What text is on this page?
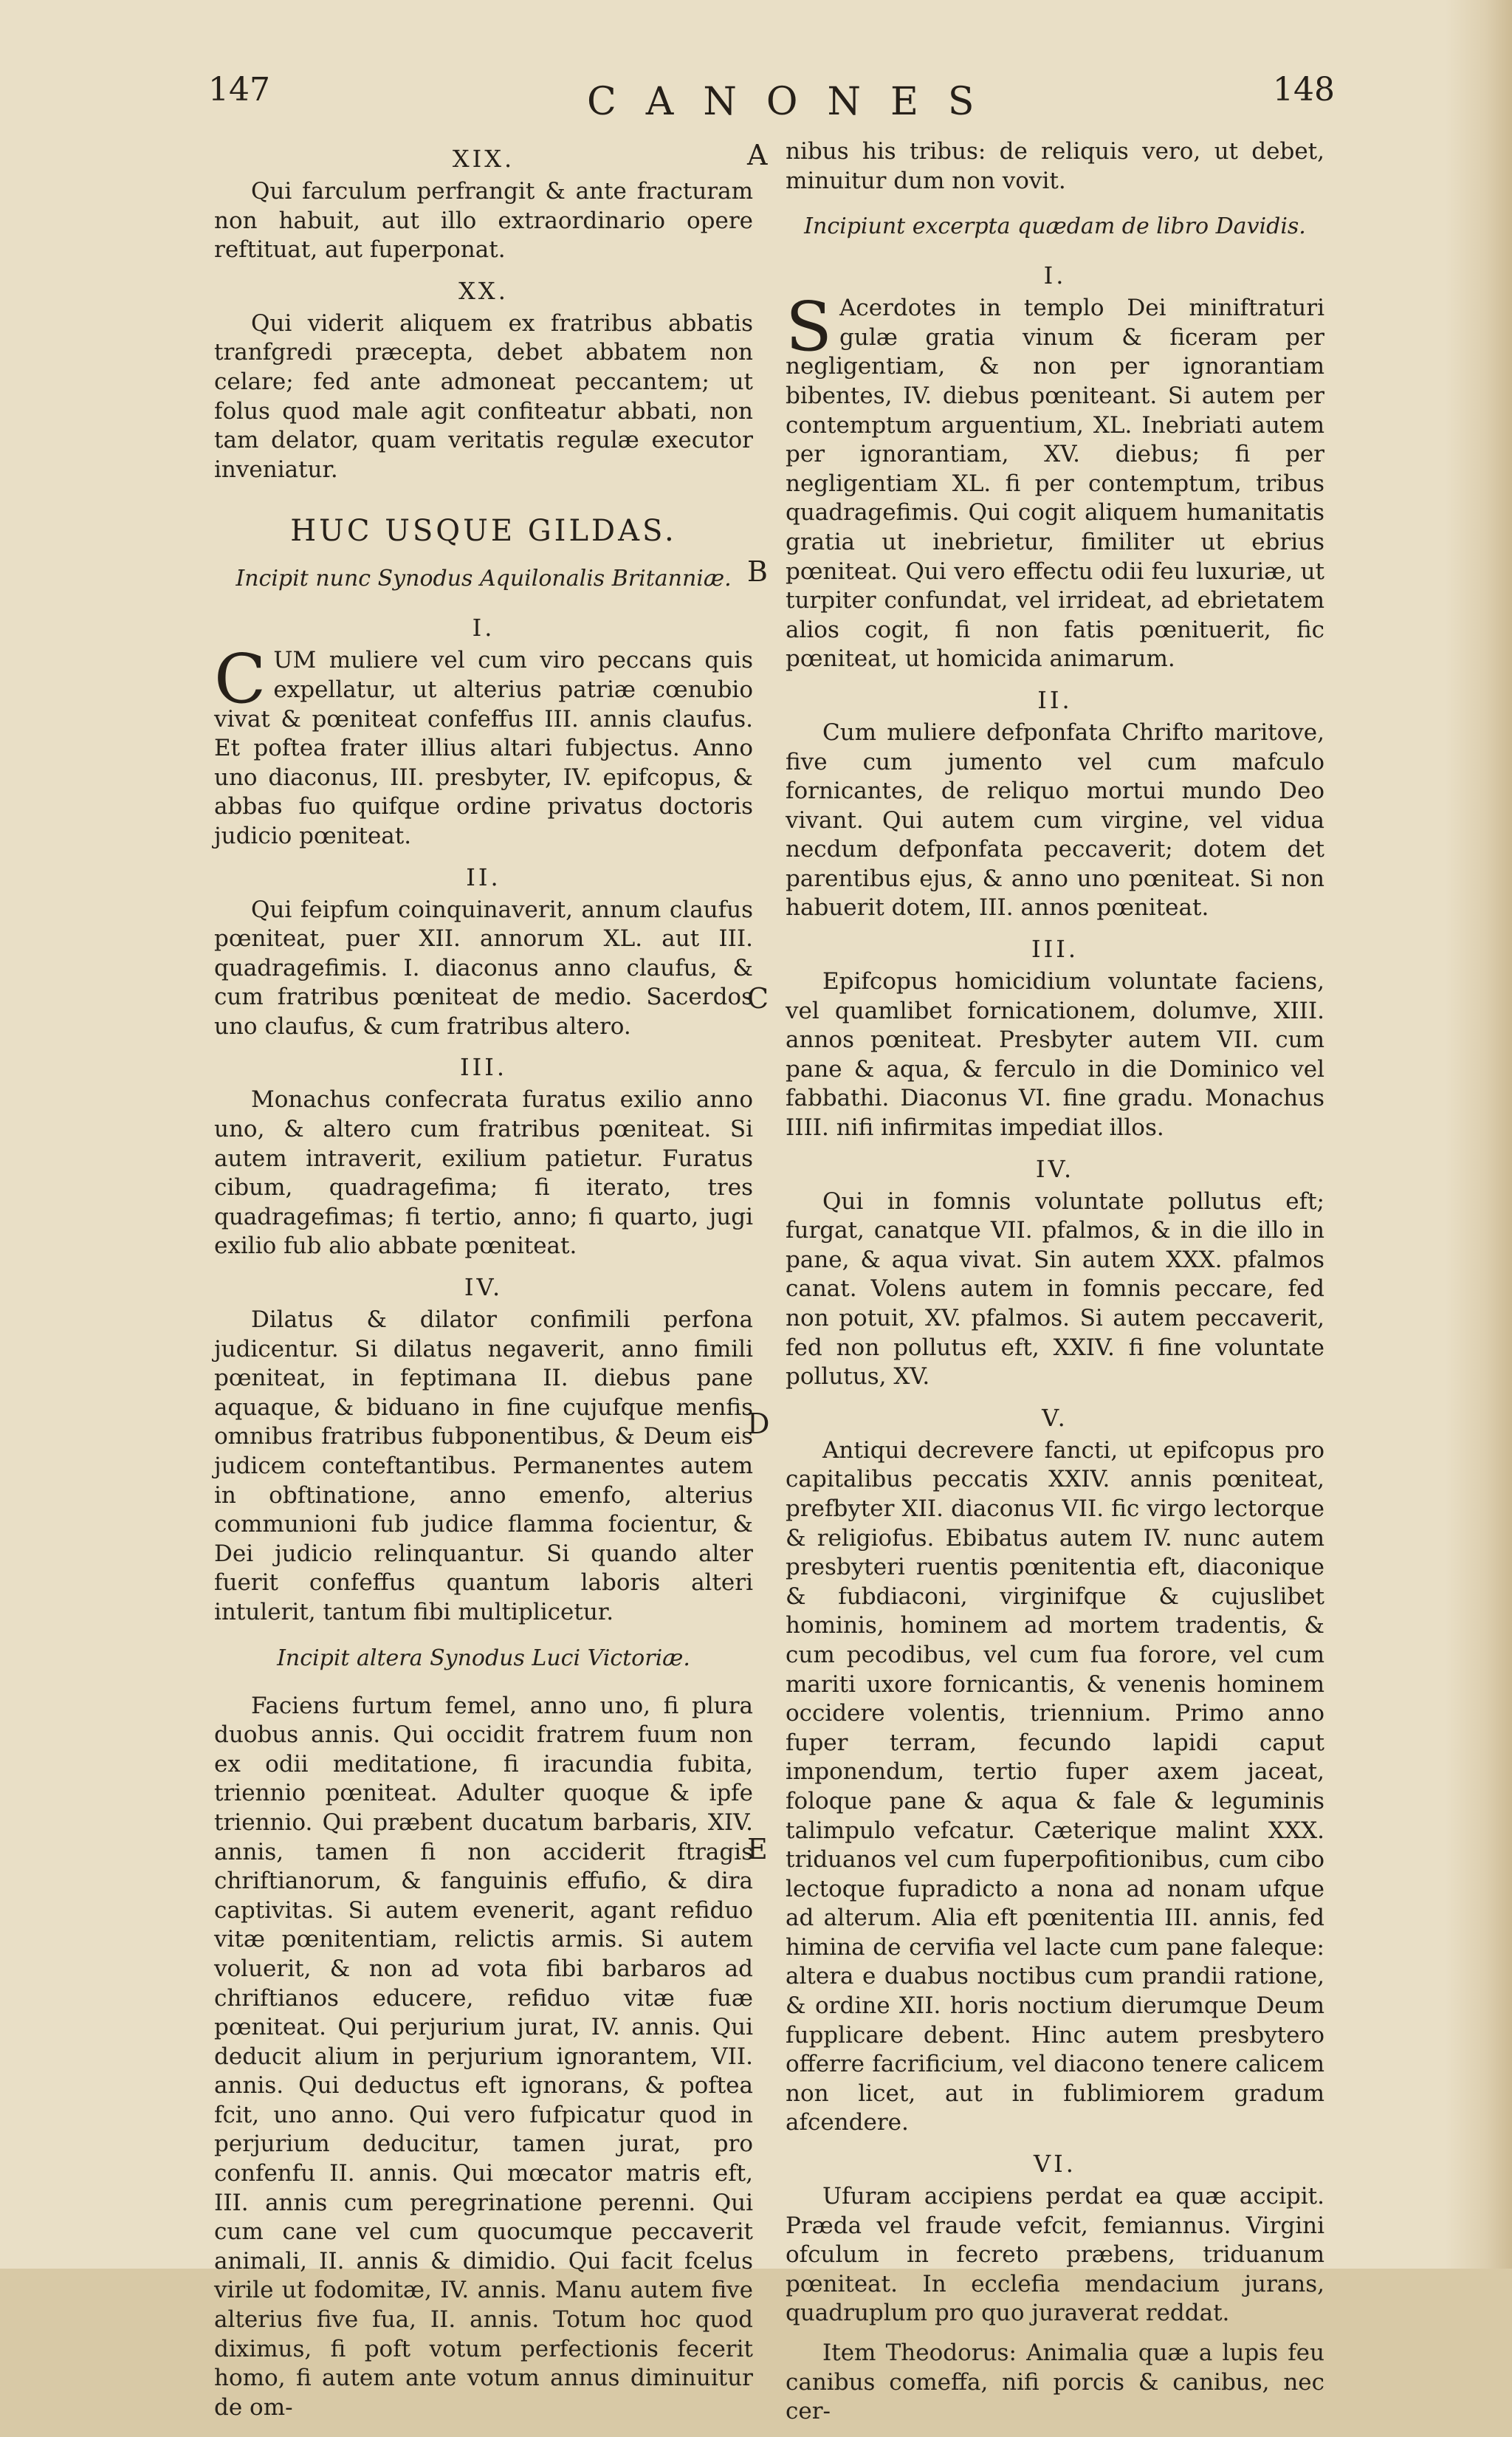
147	CANONES	148
A
B
C
D
E
XIX.

Qui farculum perfrangit & ante fracturam non habuit, aut illo extraordinario opere reftituat, aut fuperponat.

XX.

Qui viderit aliquem ex fratribus abbatis tranfgredi præcepta, debet abbatem non celare; fed ante admoneat peccantem; ut folus quod male agit confiteatur abbati, non tam delator, quam veritatis regulæ executor inveniatur.

HUC USQUE GILDAS.
Incipit nunc Synodus Aquilonalis Britanniæ.
I.

CUM muliere vel cum viro peccans quis expellatur, ut alterius patriæ cœnubio vivat & pœniteat confeffus III. annis claufus. Et poftea frater illius altari fubjectus. Anno uno diaconus, III. presbyter, IV. epifcopus, & abbas fuo quifque ordine privatus doctoris judicio pœniteat.

II.

Qui feipfum coinquinaverit, annum claufus pœniteat, puer XII. annorum XL. aut III. quadragefimis. I. diaconus anno claufus, & cum fratribus pœniteat de medio. Sacerdos uno claufus, & cum fratribus altero.

III.

Monachus confecrata furatus exilio anno uno, & altero cum fratribus pœniteat. Si autem intraverit, exilium patietur. Furatus cibum, quadragefima; fi iterato, tres quadragefimas; fi tertio, anno; fi quarto, jugi exilio fub alio abbate pœniteat.

IV.

Dilatus & dilator confimili perfona judicentur. Si dilatus negaverit, anno fimili pœniteat, in feptimana II. diebus pane aquaque, & biduano in fine cujufque menfis omnibus fratribus fubponentibus, & Deum eis judicem conteftantibus. Permanentes autem in obftinatione, anno emenfo, alterius communioni fub judice flamma focientur, & Dei judicio relinquantur. Si quando alter fuerit confeffus quantum laboris alteri intulerit, tantum fibi multiplicetur.

Incipit altera Synodus Luci Victoriæ.

Faciens furtum femel, anno uno, fi plura duobus annis. Qui occidit fratrem fuum non ex odii meditatione, fi iracundia fubita, triennio pœniteat. Adulter quoque & ipfe triennio. Qui præbent ducatum barbaris, XIV. annis, tamen fi non acciderit ftragis chriftianorum, & fanguinis effufio, & dira captivitas. Si autem evenerit, agant refiduo vitæ pœnitentiam, relictis armis. Si autem voluerit, & non ad vota fibi barbaros ad chriftianos educere, refiduo vitæ fuæ pœniteat. Qui perjurium jurat, IV. annis. Qui deducit alium in perjurium ignorantem, VII. annis. Qui deductus eft ignorans, & poftea fcit, uno anno. Qui vero fufpicatur quod in perjurium deducitur, tamen jurat, pro confenfu II. annis. Qui mœcator matris eft, III. annis cum peregrinatione perenni. Qui cum cane vel cum quocumque peccaverit animali, II. annis & dimidio. Qui facit fcelus virile ut fodomitæ, IV. annis. Manu autem five alterius five fua, II. annis. Totum hoc quod diximus, fi poft votum perfectionis fecerit homo, fi autem ante votum annus diminuitur de om-

nibus his tribus: de reliquis vero, ut debet, minuitur dum non vovit.

Incipiunt excerpta quædam de libro Davidis.
I.

S Acerdotes in templo Dei miniftraturi gulæ gratia vinum & ficeram per negligentiam, & non per ignorantiam bibentes, IV. diebus pœniteant. Si autem per contemptum arguentium, XL. Inebriati autem per ignorantiam, XV. diebus; fi per negligentiam XL. fi per contemptum, tribus quadragefimis. Qui cogit aliquem humanitatis gratia ut inebrietur, fimiliter ut ebrius pœniteat. Qui vero effectu odii feu luxuriæ, ut turpiter confundat, vel irrideat, ad ebrietatem alios cogit, fi non fatis pœnituerit, fic pœniteat, ut homicida animarum.

II.

Cum muliere defponfata Chrifto maritove, five cum jumento vel cum mafculo fornicantes, de reliquo mortui mundo Deo vivant. Qui autem cum virgine, vel vidua necdum defponfata peccaverit; dotem det parentibus ejus, & anno uno pœniteat. Si non habuerit dotem, III. annos pœniteat.

III.

Epifcopus homicidium voluntate faciens, vel quamlibet fornicationem, dolumve, XIII. annos pœniteat. Presbyter autem VII. cum pane & aqua, & ferculo in die Dominico vel fabbathi. Diaconus VI. fine gradu. Monachus IIII. nifi infirmitas impediat illos.

IV.

Qui in fomnis voluntate pollutus eft; furgat, canatque VII. pfalmos, & in die illo in pane, & aqua vivat. Sin autem XXX. pfalmos canat. Volens autem in fomnis peccare, fed non potuit, XV. pfalmos. Si autem peccaverit, fed non pollutus eft, XXIV. fi fine voluntate pollutus, XV.

V.

Antiqui decrevere fancti, ut epifcopus pro capitalibus peccatis XXIV. annis pœniteat, prefbyter XII. diaconus VII. fic virgo lectorque & religiofus. Ebibatus autem IV. nunc autem presbyteri ruentis pœnitentia eft, diaconique & fubdiaconi, virginifque & cujuslibet hominis, hominem ad mortem tradentis, & cum pecodibus, vel cum fua forore, vel cum mariti uxore fornicantis, & venenis hominem occidere volentis, triennium. Primo anno fuper terram, fecundo lapidi caput imponendum, tertio fuper axem jaceat, foloque pane & aqua & fale & leguminis talimpulo vefcatur. Cæterique malint XXX. triduanos vel cum fuperpofitionibus, cum cibo lectoque fupradicto a nona ad nonam ufque ad alterum. Alia eft pœnitentia III. annis, fed himina de cervifia vel lacte cum pane faleque: altera e duabus noctibus cum prandii ratione, & ordine XII. horis noctium dierumque Deum fupplicare debent. Hinc autem presbytero offerre facrificium, vel diacono tenere calicem non licet, aut in fublimiorem gradum afcendere.

VI.

Ufuram accipiens perdat ea quæ accipit. Præda vel fraude vefcit, femiannus. Virgini ofculum in fecreto præbens, triduanum pœniteat. In ecclefia mendacium jurans, quadruplum pro quo juraverat reddat.

Item Theodorus: Animalia quæ a lupis feu canibus comeffa, nifi porcis & canibus, nec cer-
